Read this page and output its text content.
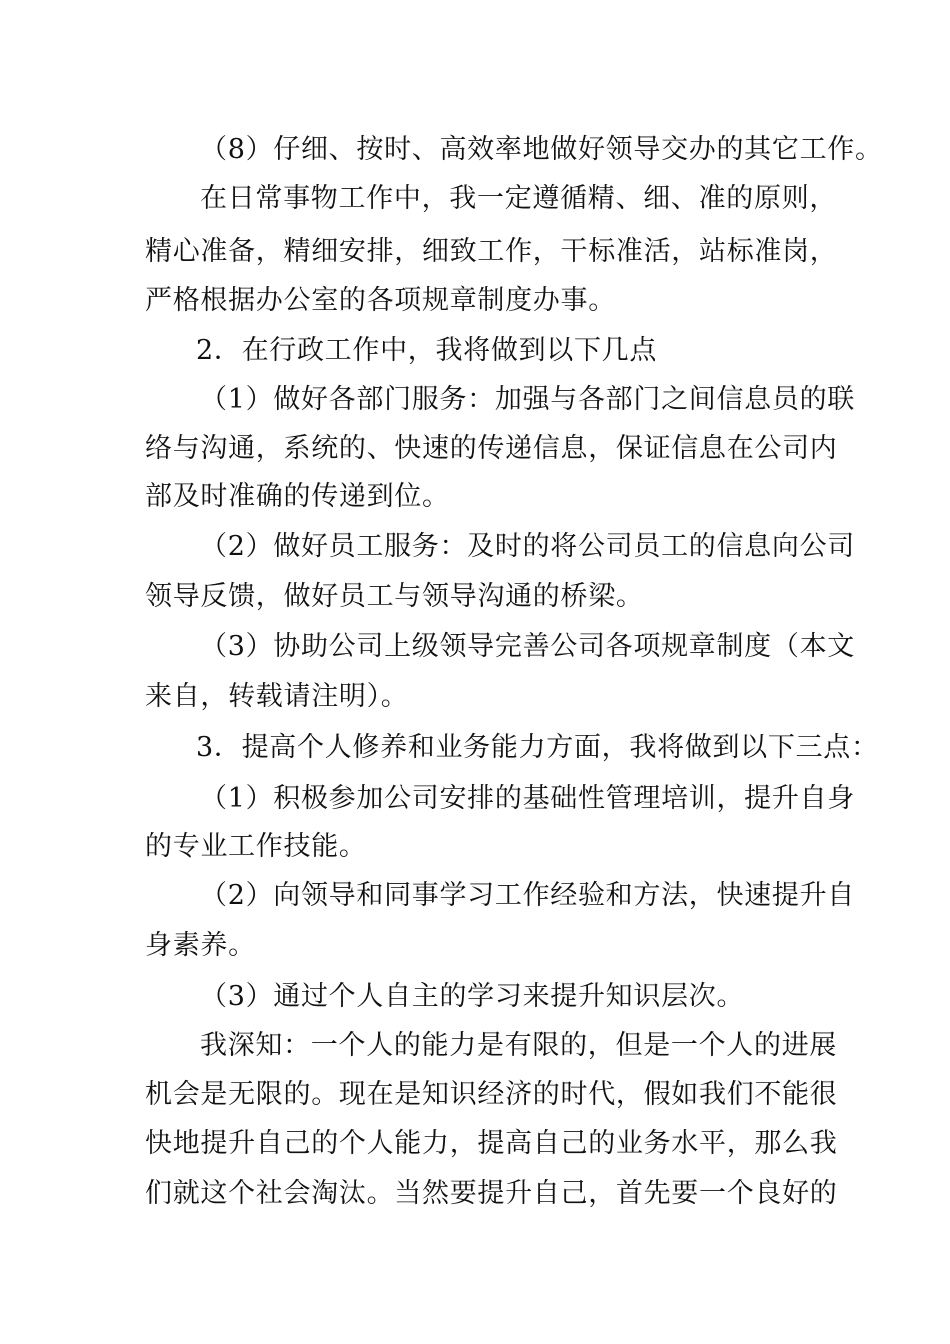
（8）仔细、按时、高效率地做好领导交办的其它工作。
在日常事物工作中，我一定遵循精、细、准的原则，
精心准备，精细安排，细致工作，干标准活，站标准岗，
严格根据办公室的各项规章制度办事。
2．在行政工作中，我将做到以下几点
（1）做好各部门服务：加强与各部门之间信息员的联
络与沟通，系统的、快速的传递信息，保证信息在公司内
部及时准确的传递到位。
（2）做好员工服务：及时的将公司员工的信息向公司
领导反馈，做好员工与领导沟通的桥梁。
（3）协助公司上级领导完善公司各项规章制度（本文
来自，转载请注明）。
3．提高个人修养和业务能力方面，我将做到以下三点：
（1）积极参加公司安排的基础性管理培训，提升自身
的专业工作技能。
（2）向领导和同事学习工作经验和方法，快速提升自
身素养。
（3）通过个人自主的学习来提升知识层次。
我深知：一个人的能力是有限的，但是一个人的进展
机会是无限的。现在是知识经济的时代，假如我们不能很
快地提升自己的个人能力，提高自己的业务水平，那么我
们就这个社会淘汰。当然要提升自己，首先要一个良好的
